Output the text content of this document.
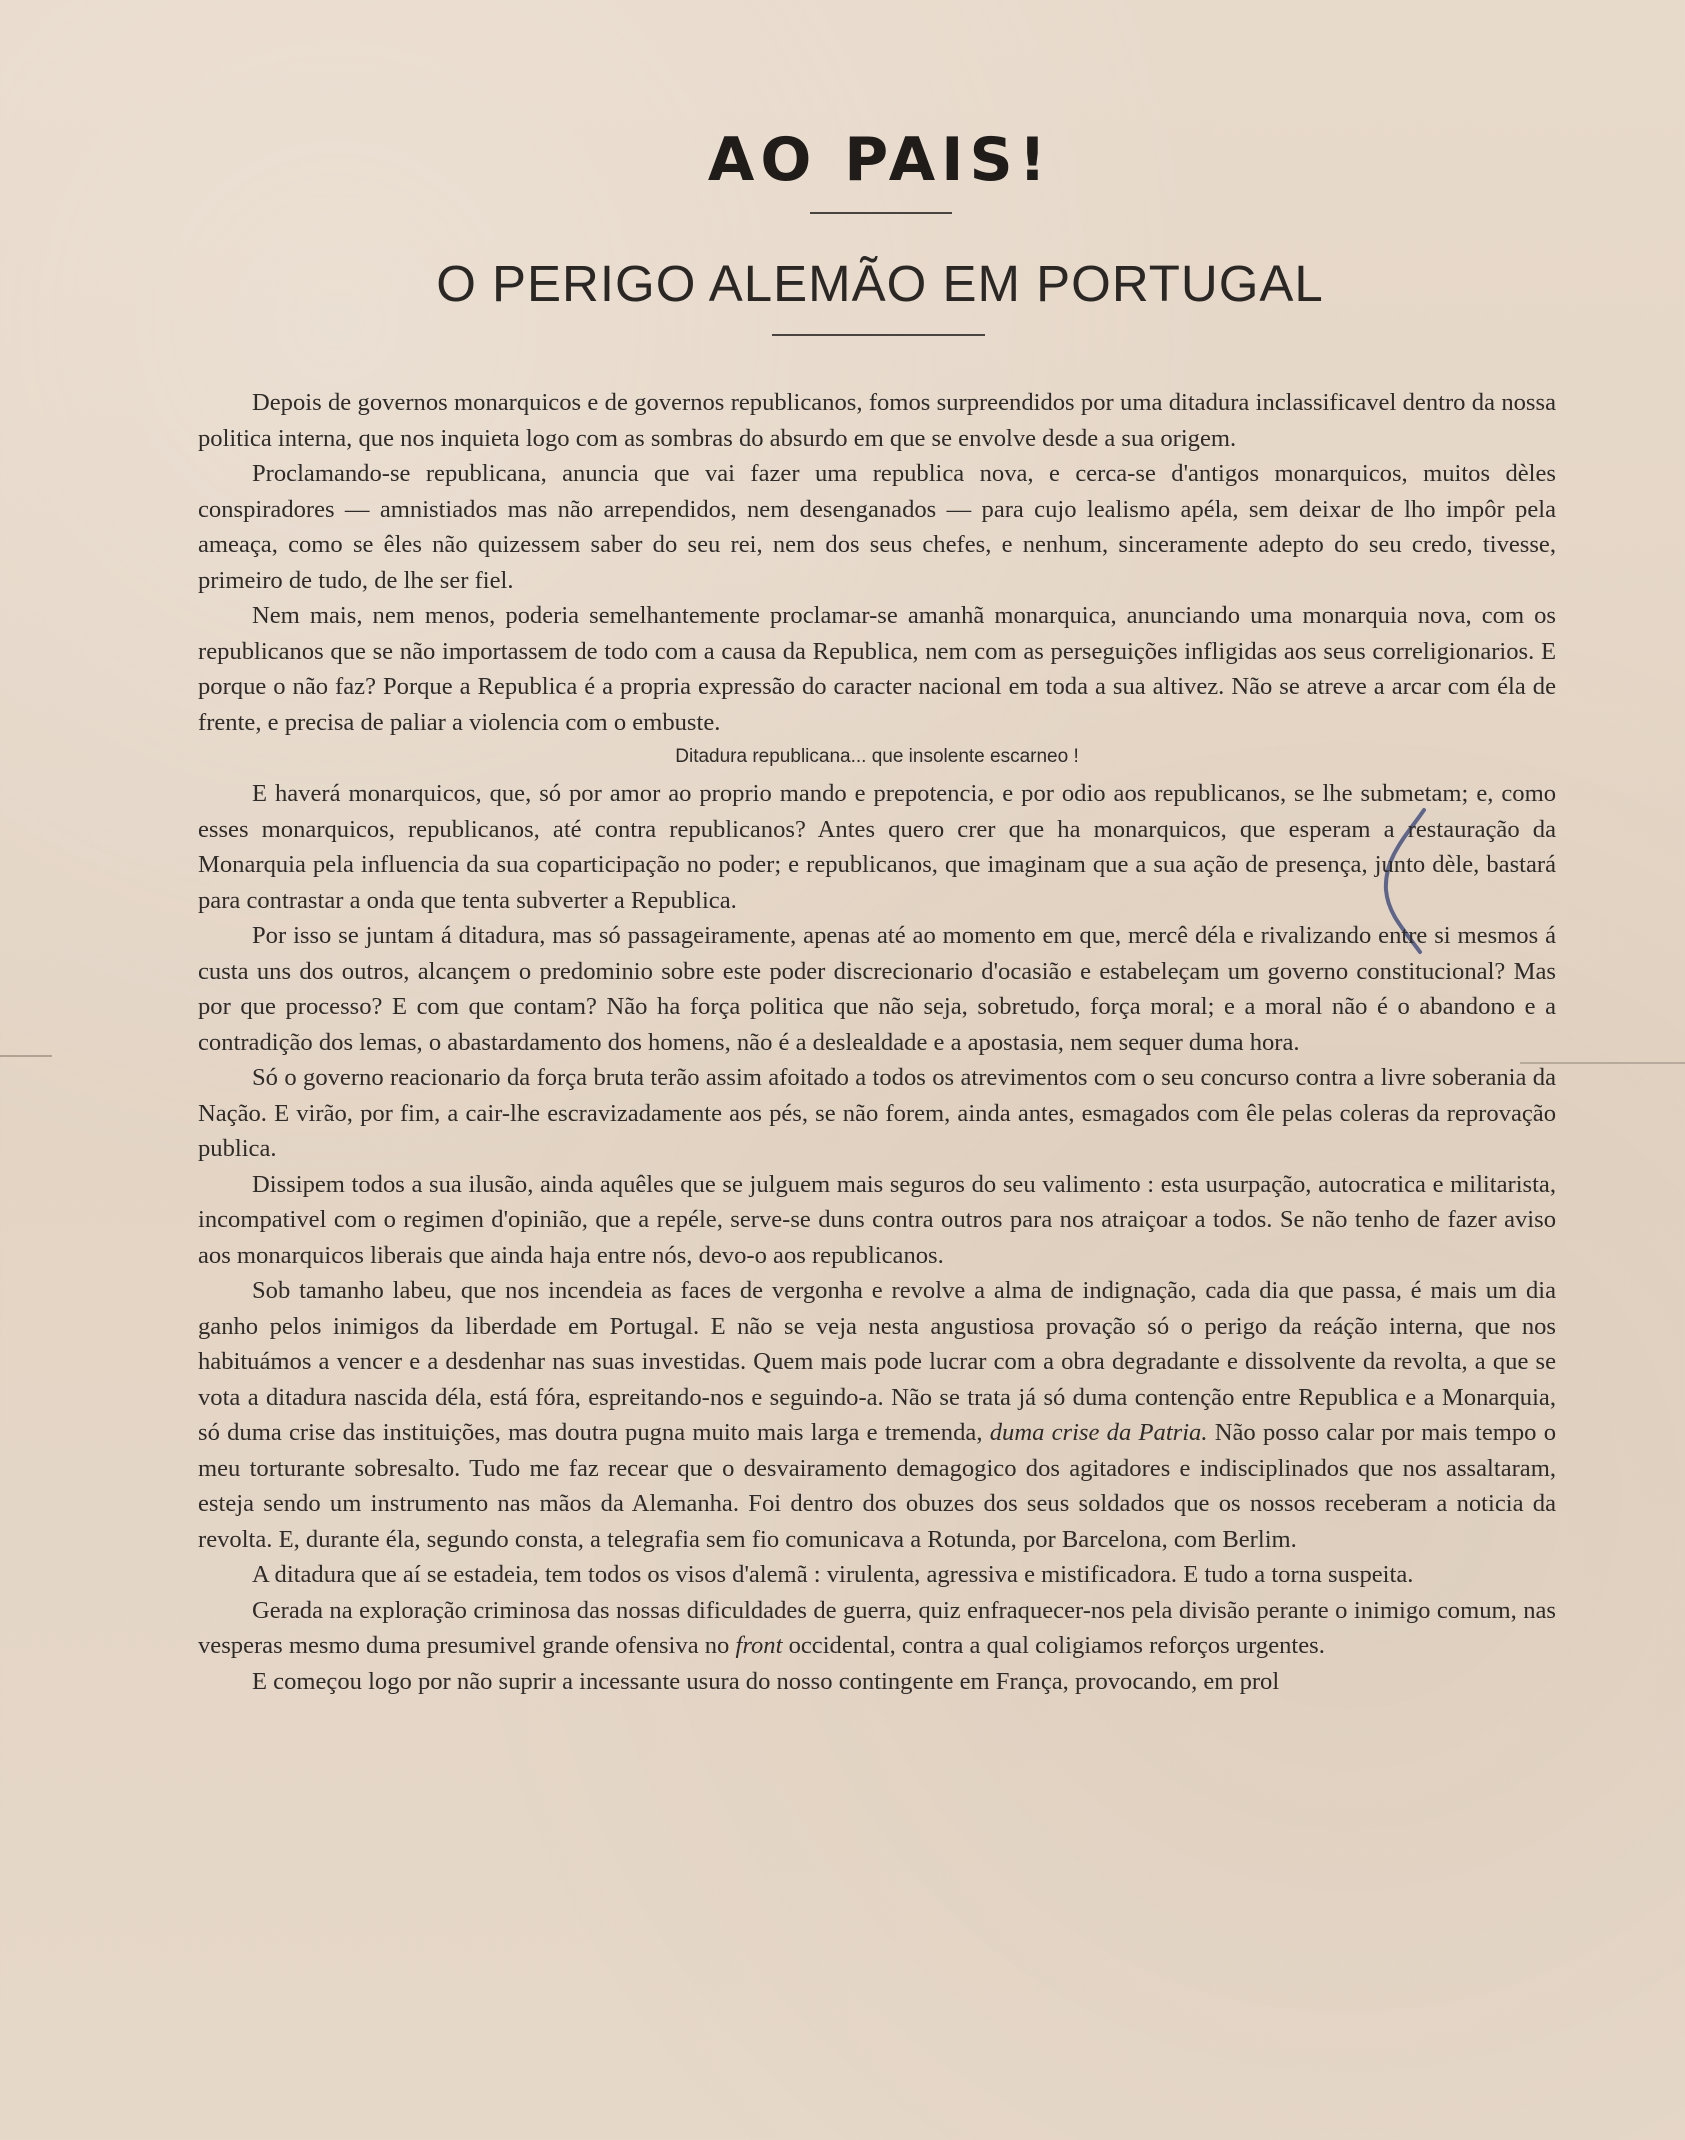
AO PAIS!
O PERIGO ALEMÃO EM PORTUGAL

Depois de governos monarquicos e de governos republicanos, fomos surpreendidos por uma ditadura inclassificavel dentro da nossa politica interna, que nos inquieta logo com as sombras do absurdo em que se envolve desde a sua origem.

Proclamando-se republicana, anuncia que vai fazer uma republica nova, e cerca-se d'antigos monarquicos, muitos dèles conspiradores — amnistiados mas não arrependidos, nem desenganados — para cujo lealismo apéla, sem deixar de lho impôr pela ameaça, como se êles não quizessem saber do seu rei, nem dos seus chefes, e nenhum, sinceramente adepto do seu credo, tivesse, primeiro de tudo, de lhe ser fiel.

Nem mais, nem menos, poderia semelhantemente proclamar-se amanhã monarquica, anunciando uma monarquia nova, com os republicanos que se não importassem de todo com a causa da Republica, nem com as perseguições infligidas aos seus correligionarios. E porque o não faz? Porque a Republica é a propria expressão do caracter nacional em toda a sua altivez. Não se atreve a arcar com éla de frente, e precisa de paliar a violencia com o embuste.

Ditadura republicana... que insolente escarneo !

E haverá monarquicos, que, só por amor ao proprio mando e prepotencia, e por odio aos republicanos, se lhe submetam; e, como esses monarquicos, republicanos, até contra republicanos? Antes quero crer que ha monarquicos, que esperam a restauração da Monarquia pela influencia da sua coparticipação no poder; e republicanos, que imaginam que a sua ação de presença, junto dèle, bastará para contrastar a onda que tenta subverter a Republica.

Por isso se juntam á ditadura, mas só passageiramente, apenas até ao momento em que, mercê déla e rivalizando entre si mesmos á custa uns dos outros, alcançem o predominio sobre este poder discrecionario d'ocasião e estabeleçam um governo constitucional? Mas por que processo? E com que contam? Não ha força politica que não seja, sobretudo, força moral; e a moral não é o abandono e a contradição dos lemas, o abastardamento dos homens, não é a deslealdade e a apostasia, nem sequer duma hora.

Só o governo reacionario da força bruta terão assim afoitado a todos os atrevimentos com o seu concurso contra a livre soberania da Nação. E virão, por fim, a cair-lhe escravizadamente aos pés, se não forem, ainda antes, esmagados com êle pelas coleras da reprovação publica.

Dissipem todos a sua ilusão, ainda aquêles que se julguem mais seguros do seu valimento : esta usurpação, autocratica e militarista, incompativel com o regimen d'opinião, que a repéle, serve-se duns contra outros para nos atraiçoar a todos. Se não tenho de fazer aviso aos monarquicos liberais que ainda haja entre nós, devo-o aos republicanos.

Sob tamanho labeu, que nos incendeia as faces de vergonha e revolve a alma de indignação, cada dia que passa, é mais um dia ganho pelos inimigos da liberdade em Portugal. E não se veja nesta angustiosa provação só o perigo da reáção interna, que nos habituámos a vencer e a desdenhar nas suas investidas. Quem mais pode lucrar com a obra degradante e dissolvente da revolta, a que se vota a ditadura nascida déla, está fóra, espreitando-nos e seguindo-a. Não se trata já só duma contenção entre Republica e a Monarquia, só duma crise das instituições, mas doutra pugna muito mais larga e tremenda, duma crise da Patria. Não posso calar por mais tempo o meu torturante sobresalto. Tudo me faz recear que o desvairamento demagogico dos agitadores e indisciplinados que nos assaltaram, esteja sendo um instrumento nas mãos da Alemanha. Foi dentro dos obuzes dos seus soldados que os nossos receberam a noticia da revolta. E, durante éla, segundo consta, a telegrafia sem fio comunicava a Rotunda, por Barcelona, com Berlim.

A ditadura que aí se estadeia, tem todos os visos d'alemã : virulenta, agressiva e mistificadora. E tudo a torna suspeita.

Gerada na exploração criminosa das nossas dificuldades de guerra, quiz enfraquecer-nos pela divisão perante o inimigo comum, nas vesperas mesmo duma presumivel grande ofensiva no front occidental, contra a qual coligiamos reforços urgentes.

E começou logo por não suprir a incessante usura do nosso contingente em França, provocando, em prol
